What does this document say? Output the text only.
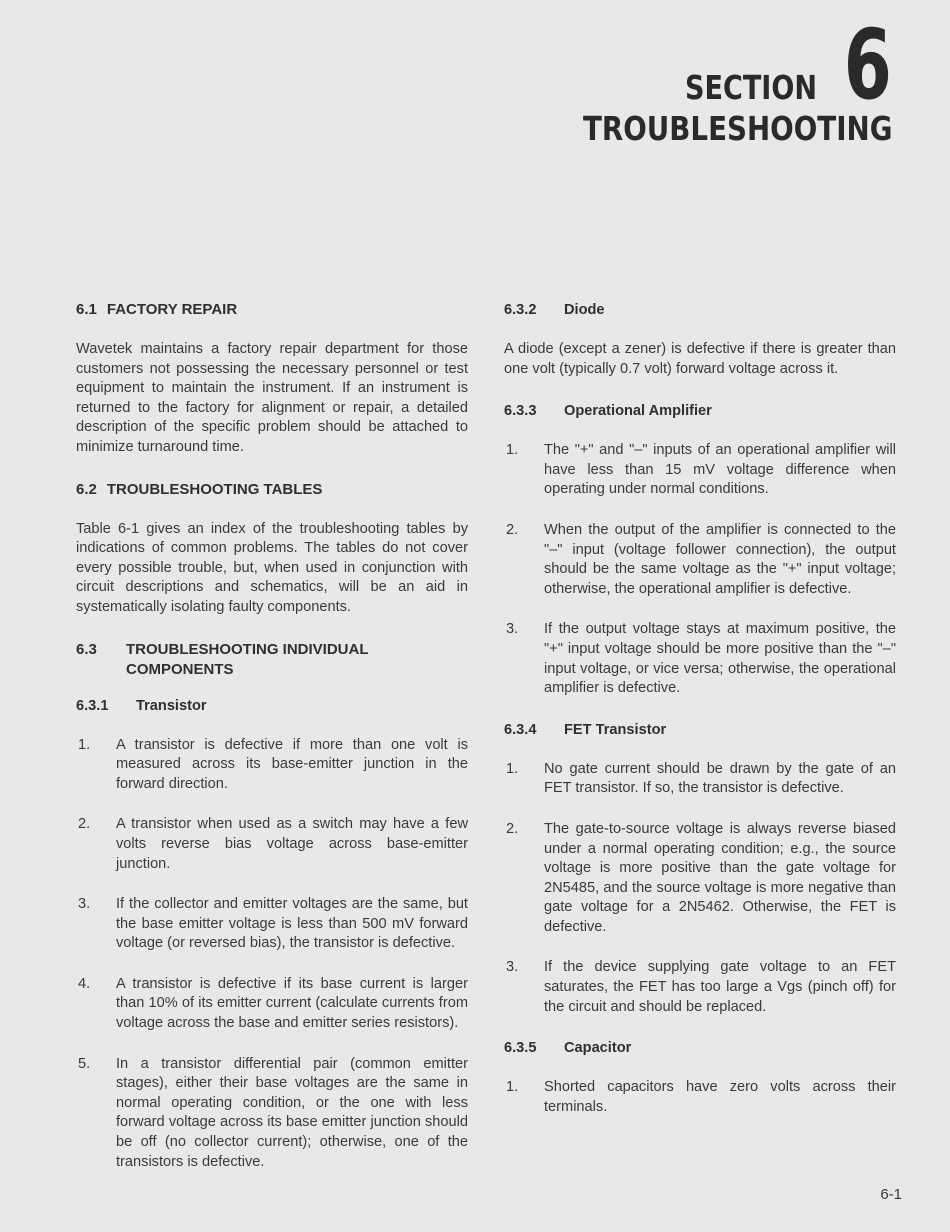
SECTION 6
TROUBLESHOOTING
6.1 FACTORY REPAIR

Wavetek maintains a factory repair department for those customers not possessing the necessary personnel or test equipment to maintain the instrument. If an instrument is returned to the factory for alignment or repair, a detailed description of the specific problem should be attached to minimize turnaround time.

6.2 TROUBLESHOOTING TABLES

Table 6-1 gives an index of the troubleshooting tables by indications of common problems. The tables do not cover every possible trouble, but, when used in conjunction with circuit descriptions and schematics, will be an aid in systematically isolating faulty components.

6.3	TROUBLESHOOTING INDIVIDUAL COMPONENTS
6.3.1 Transistor
1. A transistor is defective if more than one volt is measured across its base-emitter junction in the forward direction.
2. A transistor when used as a switch may have a few volts reverse bias voltage across base-emitter junction.
3. If the collector and emitter voltages are the same, but the base emitter voltage is less than 500 mV forward voltage (or reversed bias), the transistor is defective.
4. A transistor is defective if its base current is larger than 10% of its emitter current (calculate currents from voltage across the base and emitter series resistors).
5. In a transistor differential pair (common emitter stages), either their base voltages are the same in normal operating condition, or the one with less forward voltage across its base emitter junction should be off (no collector current); otherwise, one of the transistors is defective.
6.3.2 Diode

A diode (except a zener) is defective if there is greater than one volt (typically 0.7 volt) forward voltage across it.

6.3.3 Operational Amplifier
1. The "+" and "–" inputs of an operational amplifier will have less than 15 mV voltage difference when operating under normal conditions.
2. When the output of the amplifier is connected to the "–" input (voltage follower connection), the output should be the same voltage as the "+" input voltage; otherwise, the operational amplifier is defective.
3. If the output voltage stays at maximum positive, the "+" input voltage should be more positive than the "–" input voltage, or vice versa; otherwise, the operational amplifier is defective.
6.3.4 FET Transistor
1. No gate current should be drawn by the gate of an FET transistor. If so, the transistor is defective.
2. The gate-to-source voltage is always reverse biased under a normal operating condition; e.g., the source voltage is more positive than the gate voltage for 2N5485, and the source voltage is more negative than gate voltage for a 2N5462. Otherwise, the FET is defective.
3. If the device supplying gate voltage to an FET saturates, the FET has too large a Vgs (pinch off) for the circuit and should be replaced.
6.3.5 Capacitor
1. Shorted capacitors have zero volts across their terminals.
6-1
